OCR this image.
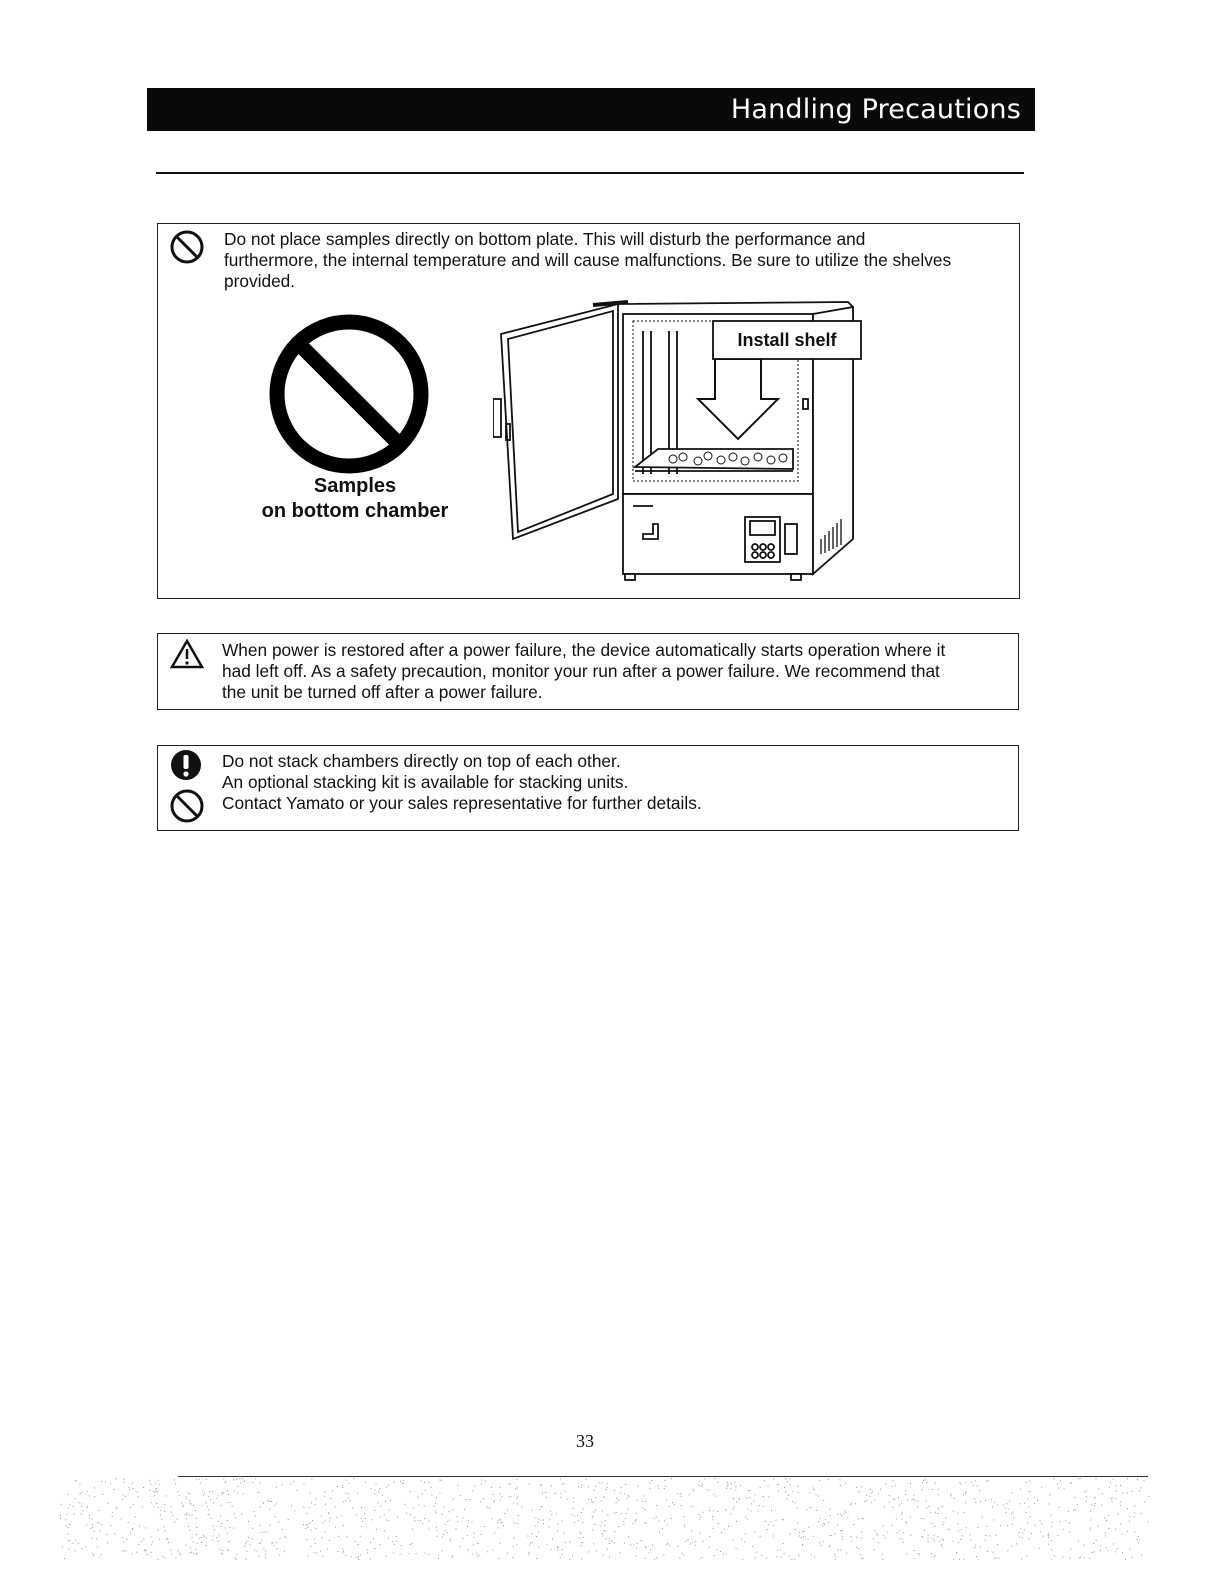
Handling Precautions
Do not place samples directly on bottom plate. This will disturb the performance and
furthermore, the internal temperature and will cause malfunctions. Be sure to utilize the shelves
provided.
Samples
on bottom chamber
Install shelf
When power is restored after a power failure, the device automatically starts operation where it
had left off. As a safety precaution, monitor your run after a power failure. We recommend that
the unit be turned off after a power failure.
Do not stack chambers directly on top of each other.
An optional stacking kit is available for stacking units.
Contact Yamato or your sales representative for further details.
33
